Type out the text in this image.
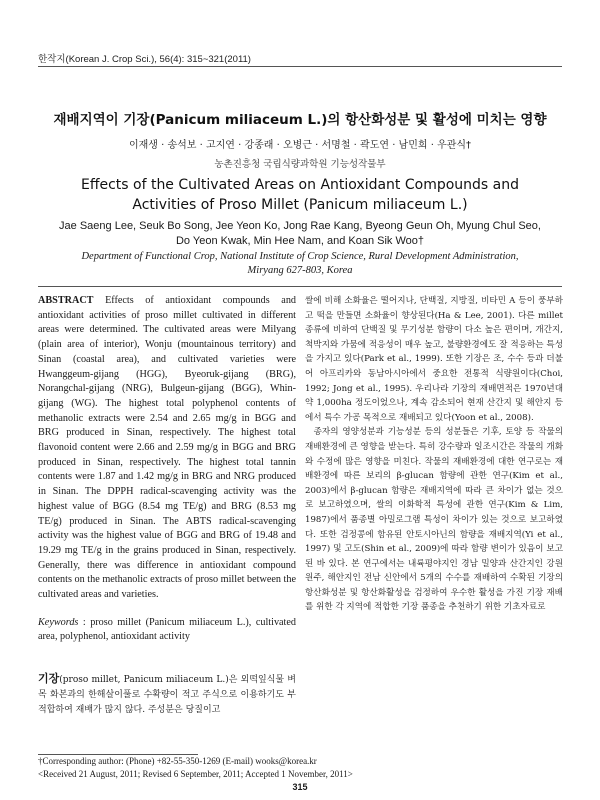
한작지(Korean J. Crop Sci.), 56(4): 315~321(2011)
재배지역이 기장(Panicum miliaceum L.)의 항산화성분 및 활성에 미치는 영향
이재생 · 송석보 · 고지연 · 강종래 · 오병근 · 서명철 · 곽도연 · 남민희 · 우관식†
농촌진흥청 국립식량과학원 기능성작물부
Effects of the Cultivated Areas on Antioxidant Compounds and
Activities of Proso Millet (Panicum miliaceum L.)
Jae Saeng Lee, Seuk Bo Song, Jee Yeon Ko, Jong Rae Kang, Byeong Geun Oh, Myung Chul Seo,
Do Yeon Kwak, Min Hee Nam, and Koan Sik Woo†
Department of Functional Crop, National Institute of Crop Science, Rural Development Administration,
Miryang 627-803, Korea

ABSTRACT Effects of antioxidant compounds and antioxidant activities of proso millet cultivated in different areas were determined. The cultivated areas were Milyang (plain area of interior), Wonju (mountainous territory) and Sinan (coastal area), and cultivated varieties were Hwanggeum-gijang (HGG), Byeoruk-gijang (BRG), Norangchal-gijang (NRG), Bulgeun-gijang (BGG), Whin-gijang (WG). The highest total polyphenol contents of methanolic extracts were 2.54 and 2.65 mg/g in BGG and BRG produced in Sinan, respectively. The highest total flavonoid content were 2.66 and 2.59 mg/g in BGG and BRG produced in Sinan, respectively. The highest total tannin contents were 1.87 and 1.42 mg/g in BRG and NRG produced in Sinan. The DPPH radical-scavenging activity was the highest value of BGG (8.54 mg TE/g) and BRG (8.53 mg TE/g) produced in Sinan. The ABTS radical-scavenging activity was the highest value of BGG and BRG of 19.48 and 19.29 mg TE/g in the grains produced in Sinan, respectively. Generally, there was difference in antioxidant compound contents on the methanolic extracts of proso millet between the cultivated areas and varieties.

Keywords : proso millet (Panicum miliaceum L.), cultivated area, polyphenol, antioxidant activity

기장(proso millet, Panicum miliaceum L.)은 외떡잎식물 벼목 화본과의 한해살이풀로 수확량이 적고 주식으로 이용하기도 부적합하여 재배가 많지 않다. 주성분은 당질이고

쌀에 비해 소화율은 떨어지나, 단백질, 지방질, 비타민 A 등이 풍부하고 떡을 만들면 소화율이 향상된다(Ha & Lee, 2001). 다른 millet 종류에 비하여 단백질 및 무기성분 함량이 다소 높은 편이며, 개간지, 척박지와 가뭄에 적응성이 매우 높고, 불량환경에도 잘 적응하는 특성을 가지고 있다(Park et al., 1999). 또한 기장은 조, 수수 등과 더불어 아프리카와 동남아시아에서 중요한 전통적 식량원이다(Choi, 1992; Jong et al., 1995). 우리나라 기장의 재배면적은 1970년대 약 1,000ha 정도이었으나, 계속 감소되어 현재 산간지 및 해안지 등에서 특수 가공 목적으로 재배되고 있다(Yoon et al., 2008).

종자의 영양성분과 기능성분 등의 성분들은 기후, 토양 등 작물의 재배환경에 큰 영향을 받는다. 특히 강수량과 일조시간은 작물의 개화와 수정에 많은 영향을 미친다. 작물의 재배환경에 대한 연구로는 재배환경에 따른 보리의 β-glucan 함량에 관한 연구(Kim et al., 2003)에서 β-glucan 함량은 재배지역에 따라 큰 차이가 없는 것으로 보고하였으며, 쌀의 이화학적 특성에 관한 연구(Kim & Lim, 1987)에서 품종별 아밀로그램 특성이 차이가 있는 것으로 보고하였다. 또한 검정콩에 함유된 안토시아닌의 함량을 재배지역(Yi et al., 1997) 및 고도(Shin et al., 2009)에 따라 함량 변이가 있음이 보고된 바 있다. 본 연구에서는 내륙평야지인 경남 밀양과 산간지인 강원 원주, 해안지인 전남 신안에서 5개의 수수를 재배하여 수확된 기장의 항산화성분 및 항산화활성을 검정하여 우수한 활성을 가진 기장 재배를 위한 각 지역에 적합한 기장 품종을 추천하기 위한 기초자료로

†Corresponding author: (Phone) +82-55-350-1269 (E-mail) wooks@korea.kr
<Received 21 August, 2011; Revised 6 September, 2011; Accepted 1 November, 2011>
315
